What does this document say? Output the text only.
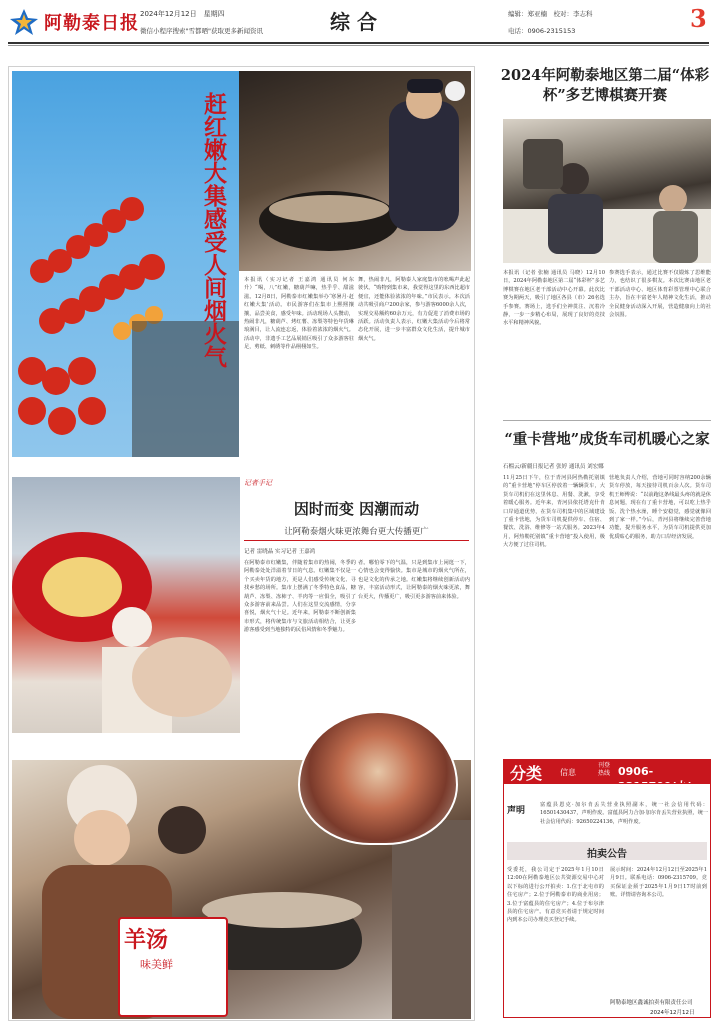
阿勒泰日报 2024年12月12日　星期四
微信小程序搜索"雪都晒"获取更多新闻资讯	综 合	编辑：郑亚楠　校对：李志科
电话：0906-2315153	3
赶红嫩大集感受人间烟火气	本报讯（实习记者 王嘉鸿 通讯员 何东升）“喝，八”红嫩，糖葫芦嘛，热乎乎、甜滋滋。12月8日，阿勒泰市红嫩集举办‘寒暑月·赶红嫩大集’活动。市民游客们在集市上熙熙攘攘，品尝美食，感受年味。活动现场人头攒动，热闹非凡，糖葫芦、烤红薯、冻梨等特色年货琳琅满目，让人流连忘返，体验着浓浓的烟火气。活动中，非遗手工艺品展销区吸引了众多游客驻足，剪纸、刺绣等作品栩栩如生。
舞，热闹非凡，阿勒泰人家庭集市的吆喝声此起彼伏。“购物到集市来，我觉得这里的东西比超市便宜，还能体验浓浓的年味。”市民表示。本次活动共吸引商户200余家，参与游客6000余人次，实现交易额约60余万元，有力促进了消费市场的活跃。活动负责人表示，红嫩大集活动今后将常态化开展，进一步丰富群众文化生活，提升城市烟火气。
记者手记
因时而变 因潮而动
让阿勒泰烟火味更浓舞台更大传播更广
记者 雷晓晶 实习记者 王嘉鸿
在阿勒泰市红嫩集，伴随着集市的热闹，冬季的阿勒泰处处洋溢着节日的气息。红嫩集不仅是一个买卖年货的地方，更是人们感受传统文化、寻找乡愁的场所。集市上摆满了冬季特色食品，糖葫芦、冻梨、冻柿子、羊肉等一应俱全，吸引了众多游客前来品尝。人们在这里交流感情，分享喜悦，烟火气十足。近年来，阿勒泰不断创新集市形式，将传统集市与文旅活动相结合，让更多游客感受到当地独特的民俗风情和冬季魅力。
者。哪怕零下的气温，只是到集市上闲逛一下，心情也会变得愉快。集市是城市的烟火气所在，也是文化的传承之地。红嫩集将继续创新活动内容，丰富活动形式，让阿勒泰的烟火味更浓，舞台更大，传播更广，吸引更多游客前来体验。
羊汤
味美鲜
2024年阿勒泰地区第二届“体彩杯”多艺博棋赛开赛
本报讯（记者 张楠 通讯员 马晓）12月10日，2024年阿勒泰地区第二届“体彩杯”多艺博棋赛在地区老干部活动中心开幕。此次比赛为期两天，吸引了地区各县（市）26名选手参赛。赛场上，选手们全神贯注、沉着冷静，一步一步精心布局，展现了良好的竞技水平和精神风貌。
参赛选手表示，通过比赛不仅锻炼了思维能力，也结识了很多棋友。本次比赛由地区老干部活动中心、地区体育彩票管理中心联合主办，旨在丰富老年人精神文化生活，推动全民健身活动深入开展，营造健康向上的社会氛围。
“重卡营地”成货车司机暖心之家
石榴云/新疆日报记者 张婷 通讯员 刘宏娜
11月25日下午，位于青河县阿热勒托别镇的“重卡营地”停车区停放着一辆辆货车，大货车司机们在这里休息、用餐、洗漱，享受着暖心服务。近年来，青河县依托塔克什肯口岸通道优势，在货车司机集中的区域建设了重卡营地，为货车司机提供停车、住宿、餐饮、洗浴、维修等一站式服务。2023年4月，阿热勒托别镇“重卡营地”投入使用，极大方便了过往司机。
营地负责人介绍，营地可同时容纳200余辆货车停放，每天接待司机百余人次。货车司机王师傅说：“以前跑这条线最头疼的就是休息问题，现在有了重卡营地，可以吃上热乎饭、洗个热水澡，睡个安稳觉，感觉就像回到了家一样。”今后，青河县将继续完善营地功能，提升服务水平，为货车司机提供更加优质贴心的服务，助力口岸经济发展。
分类 信息
刊登热线 0906-2315709(办)
声明
富蕴县恩克·加尔肯丢失营业执照副本，统一社会信用代码：16501430437，声明作废。富蕴县阿力合加·加尔肯丢失营业执照，统一社会信用代码：92650224136，声明作废。
拍卖公告
受委托，我公司定于2025年1月10日12:00在阿勒泰地区公共资源交易中心对以下标的进行公开拍卖：1.位于北屯市的住宅房产；2.位于阿勒泰市的商业用房；3.位于富蕴县的住宅房产；4.位于布尔津县的住宅房产。有意竞买者请于规定时间内到本公司办理竞买登记手续。
展示时间：2024年12月12日至2025年1月9日。联系电话：0906-2315709。竞买保证金须于2025年1月9日17时前到账。详情请咨询本公司。
阿勒泰地区鑫诚拍卖有限责任公司
2024年12月12日
